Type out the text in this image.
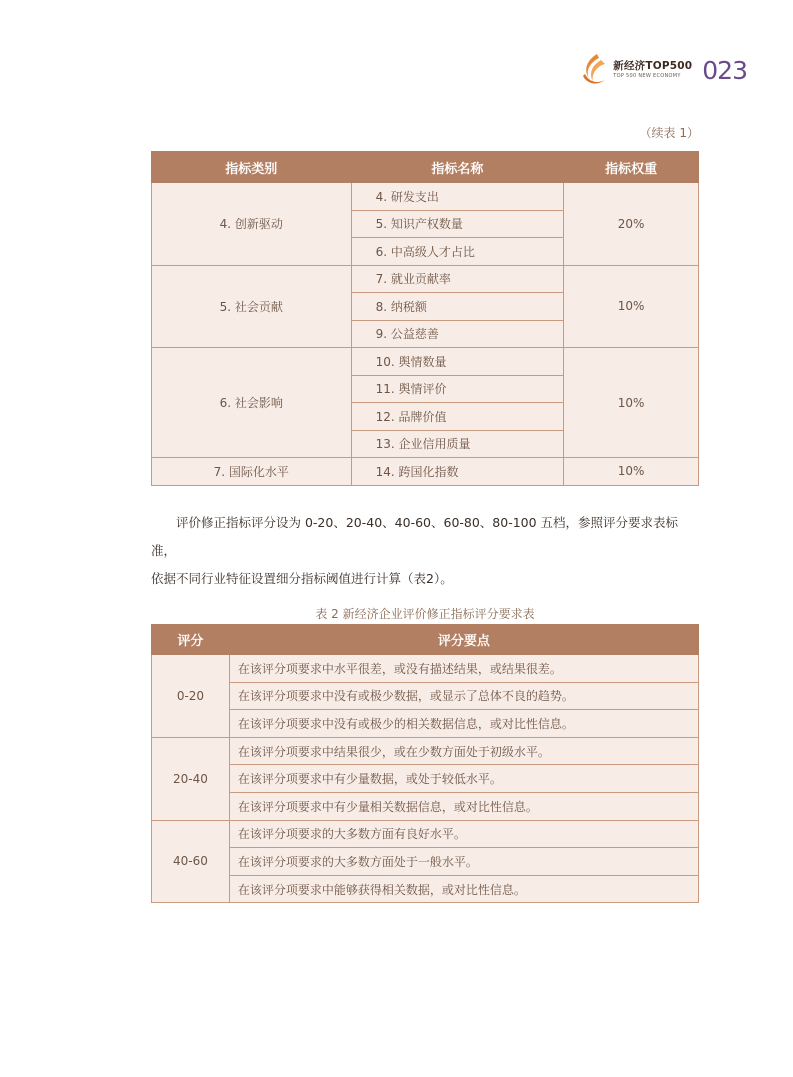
新经济TOP500
TOP 500 NEW ECONOMY 023
（续表 1）
指标类别	指标名称	指标权重
4. 创新驱动	4. 研发支出	20%
	5. 知识产权数量	
	6. 中高级人才占比	
5. 社会贡献	7. 就业贡献率	10%
	8. 纳税额	
	9. 公益慈善	
6. 社会影响	10. 舆情数量	10%
	11. 舆情评价	
	12. 品牌价值	
	13. 企业信用质量	
7. 国际化水平	14. 跨国化指数	10%
评价修正指标评分设为 0-20、20-40、40-60、60-80、80-100 五档，参照评分要求表标准，
依据不同行业特征设置细分指标阈值进行计算（表2）。
表 2 新经济企业评价修正指标评分要求表
评分	评分要点
0-20	在该评分项要求中水平很差，或没有描述结果，或结果很差。
	在该评分项要求中没有或极少数据，或显示了总体不良的趋势。
	在该评分项要求中没有或极少的相关数据信息，或对比性信息。
20-40	在该评分项要求中结果很少，或在少数方面处于初级水平。
	在该评分项要求中有少量数据，或处于较低水平。
	在该评分项要求中有少量相关数据信息，或对比性信息。
40-60	在该评分项要求的大多数方面有良好水平。
	在该评分项要求的大多数方面处于一般水平。
	在该评分项要求中能够获得相关数据，或对比性信息。
